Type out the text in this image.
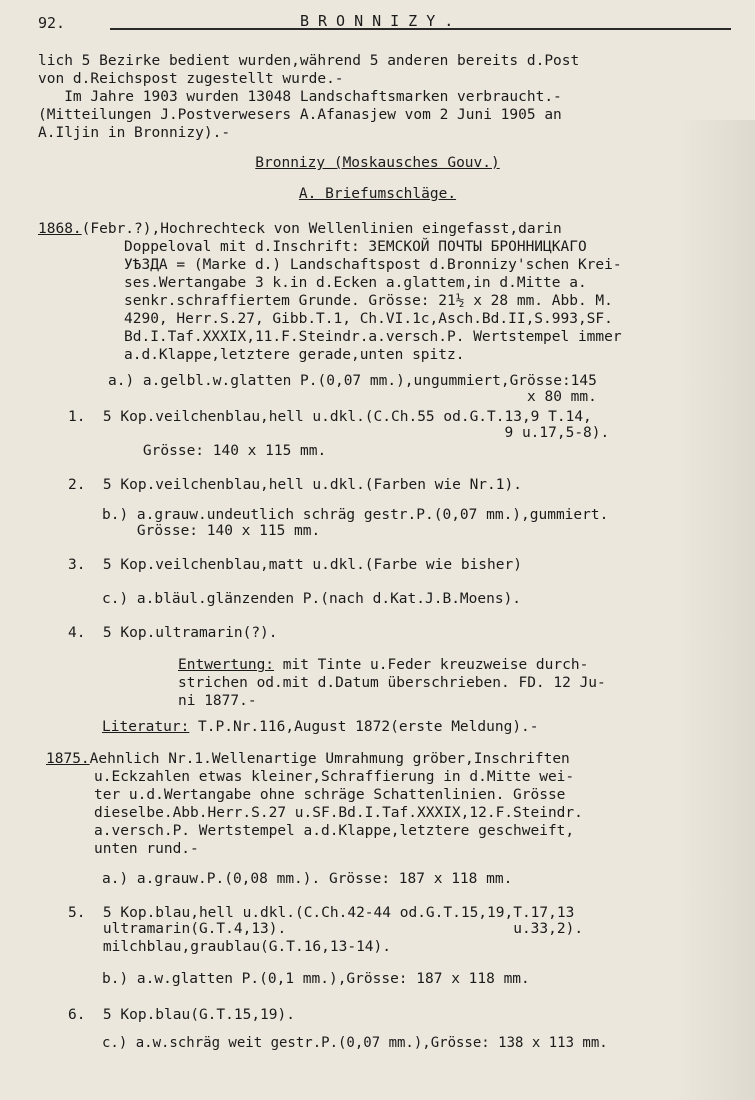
92.	BRONNIZY.
lich 5 Bezirke bedient wurden,während 5 anderen bereits d.Post
von d.Reichspost zugestellt wurde.-
Im Jahre 1903 wurden 13048 Landschaftsmarken verbraucht.-
(Mitteilungen J.Postverwesers A.Afanasjew vom 2 Juni 1905 an
A.Iljin in Bronnizy).-
Bronnizy (Moskausches Gouv.)
A. Briefumschläge.
1868.(Febr.?),Hochrechteck von Wellenlinien eingefasst,darin
Doppeloval mit d.Inschrift: ЗЕМСКОЙ ПОЧТЫ БРОННИЦКАГО
УѢЗДА = (Marke d.) Landschaftspost d.Bronnizy'schen Krei-
ses.Wertangabe 3 k.in d.Ecken a.glattem,in d.Mitte a.
senkr.schraffiertem Grunde. Grösse: 21½ x 28 mm. Abb. M.
4290, Herr.S.27, Gibb.T.1, Ch.VI.1c,Asch.Bd.II,S.993,SF.
Bd.I.Taf.XXXIX,11.F.Steindr.a.versch.P. Wertstempel immer
a.d.Klappe,letztere gerade,unten spitz.
a.) a.gelbl.w.glatten P.(0,07 mm.),ungummiert,Grösse:145
x 80 mm.
1.  5 Kop.veilchenblau,hell u.dkl.(C.Ch.55 od.G.T.13,9 T.14,
9 u.17,5-8).
Grösse: 140 x 115 mm.
2.  5 Kop.veilchenblau,hell u.dkl.(Farben wie Nr.1).
b.) a.grauw.undeutlich schräg gestr.P.(0,07 mm.),gummiert.
Grösse: 140 x 115 mm.
3.  5 Kop.veilchenblau,matt u.dkl.(Farbe wie bisher)
c.) a.bläul.glänzenden P.(nach d.Kat.J.B.Moens).
4.  5 Kop.ultramarin(?).
Entwertung: mit Tinte u.Feder kreuzweise durch-
strichen od.mit d.Datum überschrieben. FD. 12 Ju-
ni 1877.-
Literatur: T.P.Nr.116,August 1872(erste Meldung).-
1875.Aehnlich Nr.1.Wellenartige Umrahmung gröber,Inschriften
u.Eckzahlen etwas kleiner,Schraffierung in d.Mitte wei-
ter u.d.Wertangabe ohne schräge Schattenlinien. Grösse
dieselbe.Abb.Herr.S.27 u.SF.Bd.I.Taf.XXXIX,12.F.Steindr.
a.versch.P. Wertstempel a.d.Klappe,letztere geschweift,
unten rund.-
a.) a.grauw.P.(0,08 mm.). Grösse: 187 x 118 mm.
5.  5 Kop.blau,hell u.dkl.(C.Ch.42-44 od.G.T.15,19,T.17,13
ultramarin(G.T.4,13).                          u.33,2).
milchblau,graublau(G.T.16,13-14).
b.) a.w.glatten P.(0,1 mm.),Grösse: 187 x 118 mm.
6.  5 Kop.blau(G.T.15,19).
c.) a.w.schräg weit gestr.P.(0,07 mm.),Grösse: 138 x 113 mm.
